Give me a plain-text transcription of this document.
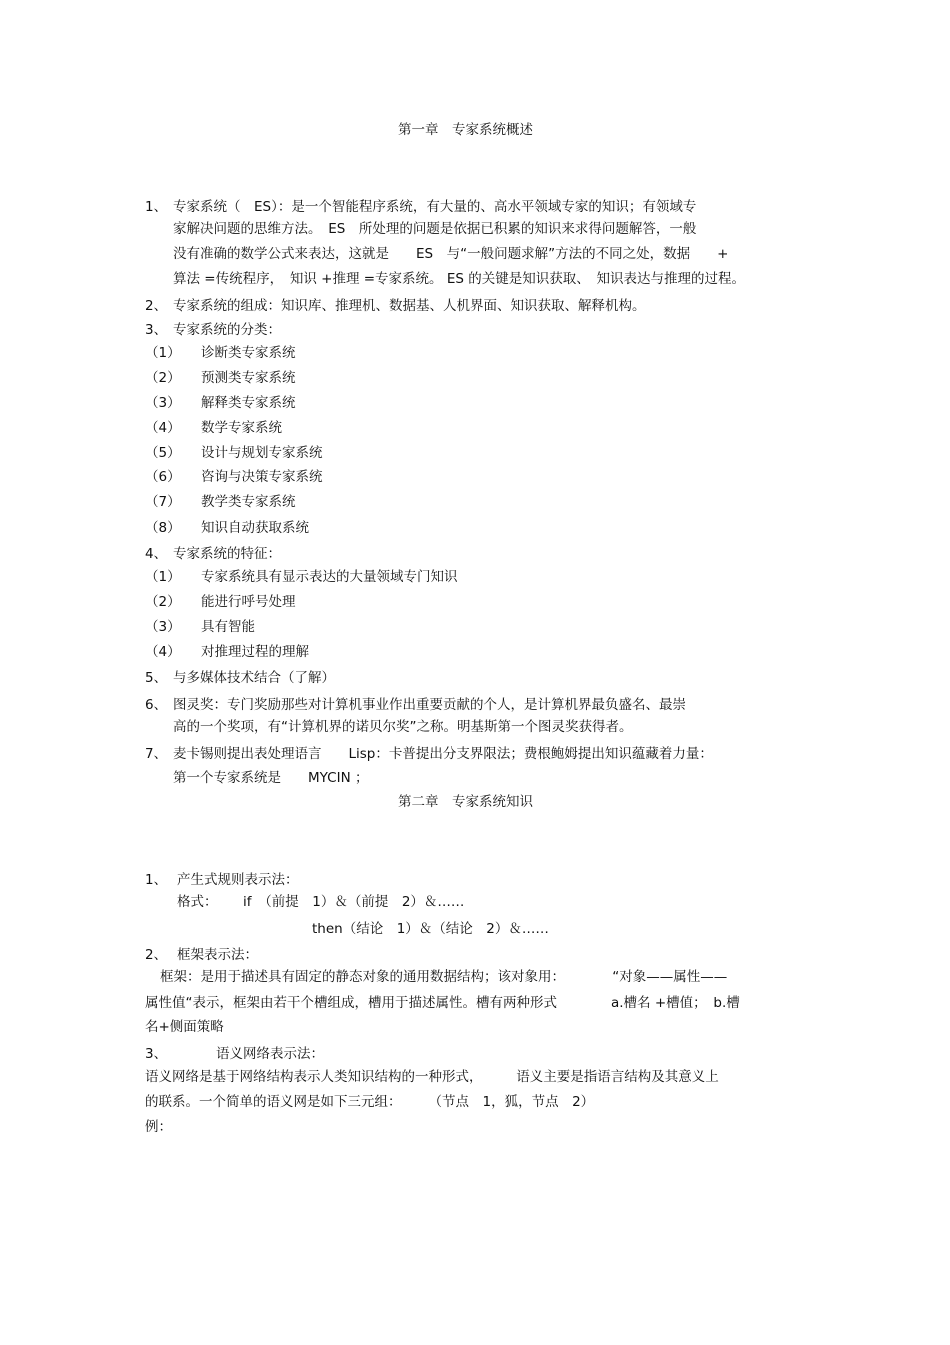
第一章　专家系统概述
1、 专家系统（　ES）：是一个智能程序系统，有大量的、高水平领域专家的知识；有领域专
家解决问题的思维方法。　ES　所处理的问题是依据已积累的知识来求得问题解答，一般
没有准确的数学公式来表达，这就是　　ES　与“一般问题求解”方法的不同之处，数据　　+
算法 =传统程序，　知识 +推理 =专家系统。 ES 的关键是知识获取、　知识表达与推理的过程。
2、 专家系统的组成：知识库、推理机、数据基、人机界面、知识获取、解释机构。
3、 专家系统的分类：
（1） 诊断类专家系统
（2） 预测类专家系统
（3） 解释类专家系统
（4） 数学专家系统
（5） 设计与规划专家系统
（6） 咨询与决策专家系统
（7） 教学类专家系统
（8） 知识自动获取系统
4、 专家系统的特征：
（1） 专家系统具有显示表达的大量领域专门知识
（2） 能进行呼号处理
（3） 具有智能
（4） 对推理过程的理解
5、 与多媒体技术结合（了解）
6、 图灵奖：专门奖励那些对计算机事业作出重要贡献的个人，是计算机界最负盛名、最崇
高的一个奖项，有“计算机界的诺贝尔奖”之称。明基斯第一个图灵奖获得者。
7、 麦卡锡则提出表处理语言　　Lisp：卡普提出分支界限法；费根鲍姆提出知识蕴藏着力量：
第一个专家系统是　　MYCIN ；
第二章　专家系统知识
1、 产生式规则表示法：
格式： if　（前提　1）＆（前提　2）＆……
then（结论　1）＆（结论　2）＆……
2、 框架表示法：
框架：是用于描述具有固定的静态对象的通用数据结构；该对象用：　　　　“对象——属性——
属性值“表示，框架由若干个槽组成，槽用于描述属性。槽有两种形式　　　　a.槽名 +槽值；　b.槽
名+侧面策略
3、	语义网络表示法：
语义网络是基于网络结构表示人类知识结构的一种形式，　　　语义主要是指语言结构及其意义上
的联系。一个简单的语义网是如下三元组：　　　（节点　1，狐，节点　2）
例：
